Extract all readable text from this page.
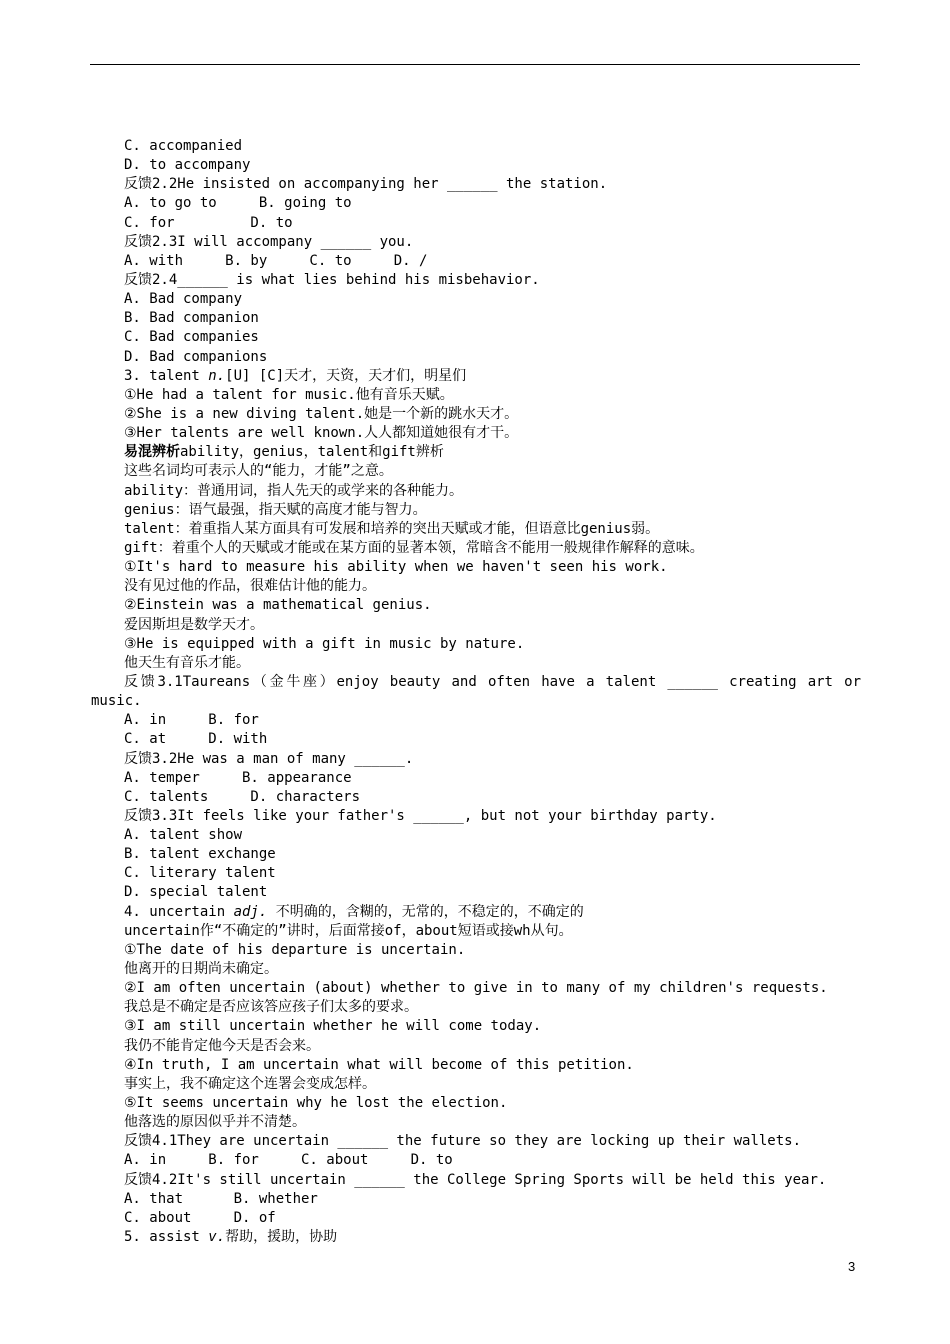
C. accompanied
D. to accompany
反馈2.2He insisted on accompanying her ______ the station.
A. to go to     B. going to
C. for         D. to
反馈2.3I will accompany ______ you.
A. with     B. by     C. to     D. /
反馈2.4______ is what lies behind his misbehavior.
A. Bad company
B. Bad companion
C. Bad companies
D. Bad companions
3. talent n.[U] [C]天才，天资，天才们，明星们
①He had a talent for music.他有音乐天赋。
②She is a new diving talent.她是一个新的跳水天才。
③Her talents are well known.人人都知道她很有才干。
易混辨析ability，genius，talent和gift辨析
这些名词均可表示人的“能力，才能”之意。
ability：普通用词，指人先天的或学来的各种能力。
genius：语气最强，指天赋的高度才能与智力。
talent：着重指人某方面具有可发展和培养的突出天赋或才能，但语意比genius弱。
gift：着重个人的天赋或才能或在某方面的显著本领，常暗含不能用一般规律作解释的意味。
①It's hard to measure his ability when we haven't seen his work.
没有见过他的作品，很难估计他的能力。
②Einstein was a mathematical genius.
爱因斯坦是数学天才。
③He is equipped with a gift in music by nature.
他天生有音乐才能。
反馈3.1Taureans（金牛座）enjoy beauty and often have a talent ______ creating art or
music.
A. in     B. for
C. at     D. with
反馈3.2He was a man of many ______.
A. temper     B. appearance
C. talents     D. characters
反馈3.3It feels like your father's ______, but not your birthday party.
A. talent show
B. talent exchange
C. literary talent
D. special talent
4. uncertain adj. 不明确的，含糊的，无常的，不稳定的，不确定的
uncertain作“不确定的”讲时，后面常接of，about短语或接wh从句。
①The date of his departure is uncertain.
他离开的日期尚未确定。
②I am often uncertain (about) whether to give in to many of my children's requests.
我总是不确定是否应该答应孩子们太多的要求。
③I am still uncertain whether he will come today.
我仍不能肯定他今天是否会来。
④In truth, I am uncertain what will become of this petition.
事实上，我不确定这个连署会变成怎样。
⑤It seems uncertain why he lost the election.
他落选的原因似乎并不清楚。
反馈4.1They are uncertain ______ the future so they are locking up their wallets.
A. in     B. for     C. about     D. to
反馈4.2It's still uncertain ______ the College Spring Sports will be held this year.
A. that      B. whether
C. about     D. of
5. assist v.帮助，援助，协助
3
